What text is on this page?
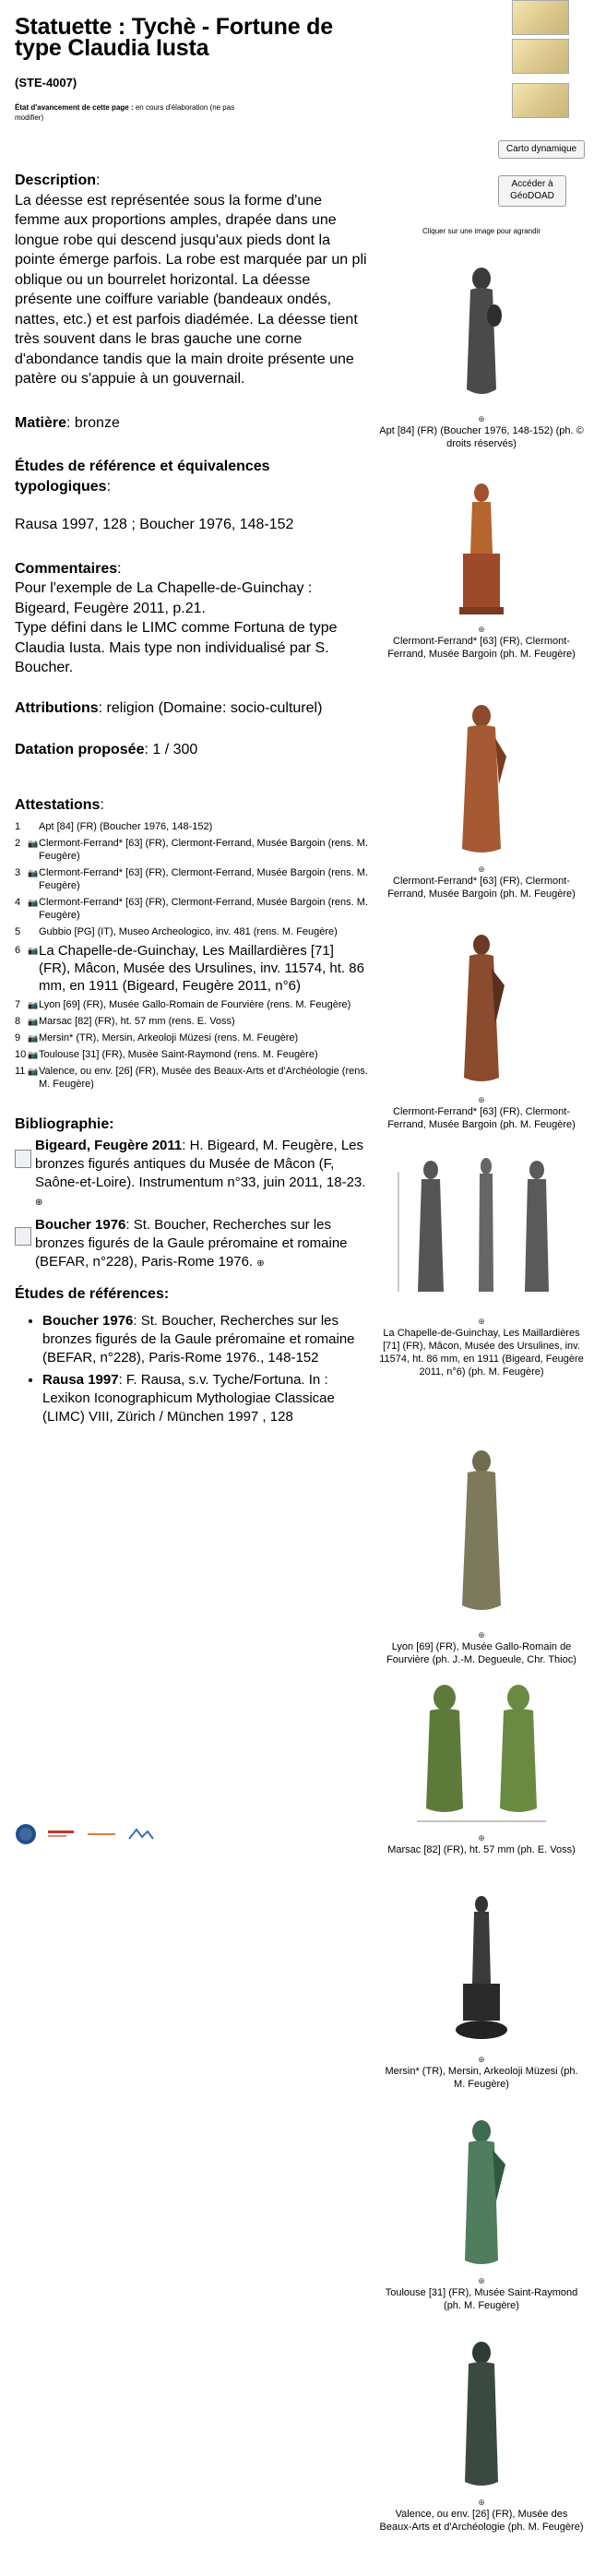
Statuette : Tychè - Fortune de type Claudia Iusta
(STE-4007)
État d'avancement de cette page : en cours d'élaboration (ne pas modifier)
Description:
La déesse est représentée sous la forme d'une femme aux proportions amples, drapée dans une longue robe qui descend jusqu'aux pieds dont la pointe émerge parfois. La robe est marquée par un pli oblique ou un bourrelet horizontal. La déesse présente une coiffure variable (bandeaux ondés, nattes, etc.) et est parfois diadémée. La déesse tient très souvent dans le bras gauche une corne d'abondance tandis que la main droite présente une patère ou s'appuie à un gouvernail.
Matière: bronze
Études de référence et équivalences typologiques:
Rausa 1997, 128 ; Boucher 1976, 148-152
Commentaires:
Pour l'exemple de La Chapelle-de-Guinchay : Bigeard, Feugère 2011, p.21.
Type défini dans le LIMC comme Fortuna de type Claudia Iusta. Mais type non individualisé par S. Boucher.
Attributions: religion (Domaine: socio-culturel)
Datation proposée: 1 / 300
Attestations:
1	Apt [84] (FR) (Boucher 1976, 148-152)
2 📷 Clermont-Ferrand* [63] (FR), Clermont-Ferrand, Musée Bargoin (rens. M. Feugère)
3 📷 Clermont-Ferrand* [63] (FR), Clermont-Ferrand, Musée Bargoin (rens. M. Feugère)
4 📷 Clermont-Ferrand* [63] (FR), Clermont-Ferrand, Musée Bargoin (rens. M. Feugère)
5	Gubbio [PG] (IT), Museo Archeologico, inv. 481 (rens. M. Feugère)
6 📷 La Chapelle-de-Guinchay, Les Maillardières [71] (FR), Mâcon, Musée des Ursulines, inv. 11574, ht. 86 mm, en 1911 (Bigeard, Feugère 2011, n°6)
7 📷 Lyon [69] (FR), Musée Gallo-Romain de Fourvière (rens. M. Feugère)
8 📷 Marsac [82] (FR), ht. 57 mm (rens. E. Voss)
9 📷 Mersin* (TR), Mersin, Arkeoloji Müzesi (rens. M. Feugère)
10 📷 Toulouse [31] (FR), Musée Saint-Raymond (rens. M. Feugère)
11 📷 Valence, ou env. [26] (FR), Musée des Beaux-Arts et d'Archéologie (rens. M. Feugère)
Bibliographie:
Bigeard, Feugère 2011: H. Bigeard, M. Feugère, Les bronzes figurés antiques du Musée de Mâcon (F, Saône-et-Loire). Instrumentum n°33, juin 2011, 18-23. ⊕
Boucher 1976: St. Boucher, Recherches sur les bronzes figurés de la Gaule préromaine et romaine (BEFAR, n°228), Paris-Rome 1976. ⊕
Études de références:
• Boucher 1976: St. Boucher, Recherches sur les bronzes figurés de la Gaule préromaine et romaine (BEFAR, n°228), Paris-Rome 1976., 148-152
• Rausa 1997: F. Rausa, s.v. Tyche/Fortuna. In : Lexikon Iconographicum Mythologiae Classicae (LIMC) VIII, Zürich / München 1997 , 128
Carto dynamique
Accéder à GéoDOAD
Cliquer sur une image pour agrandir
⊕
Apt [84] (FR) (Boucher 1976, 148-152) (ph. © droits réservés)
⊕
Clermont-Ferrand* [63] (FR), Clermont-Ferrand, Musée Bargoin (ph. M. Feugère)
⊕
Clermont-Ferrand* [63] (FR), Clermont-Ferrand, Musée Bargoin (ph. M. Feugère)
⊕
Clermont-Ferrand* [63] (FR), Clermont-Ferrand, Musée Bargoin (ph. M. Feugère)
⊕
La Chapelle-de-Guinchay, Les Maillardières [71] (FR), Mâcon, Musée des Ursulines, inv. 11574, ht. 86 mm, en 1911 (Bigeard, Feugère 2011, n°6) (ph. M. Feugère)
⊕
Lyon [69] (FR), Musée Gallo-Romain de Fourvière (ph. J.-M. Degueule, Chr. Thioc)
⊕
Marsac [82] (FR), ht. 57 mm (ph. E. Voss)
⊕
Mersin* (TR), Mersin, Arkeoloji Müzesi (ph. M. Feugère)
⊕
Toulouse [31] (FR), Musée Saint-Raymond (ph. M. Feugère)
⊕
Valence, ou env. [26] (FR), Musée des Beaux-Arts et d'Archéologie (ph. M. Feugère)
